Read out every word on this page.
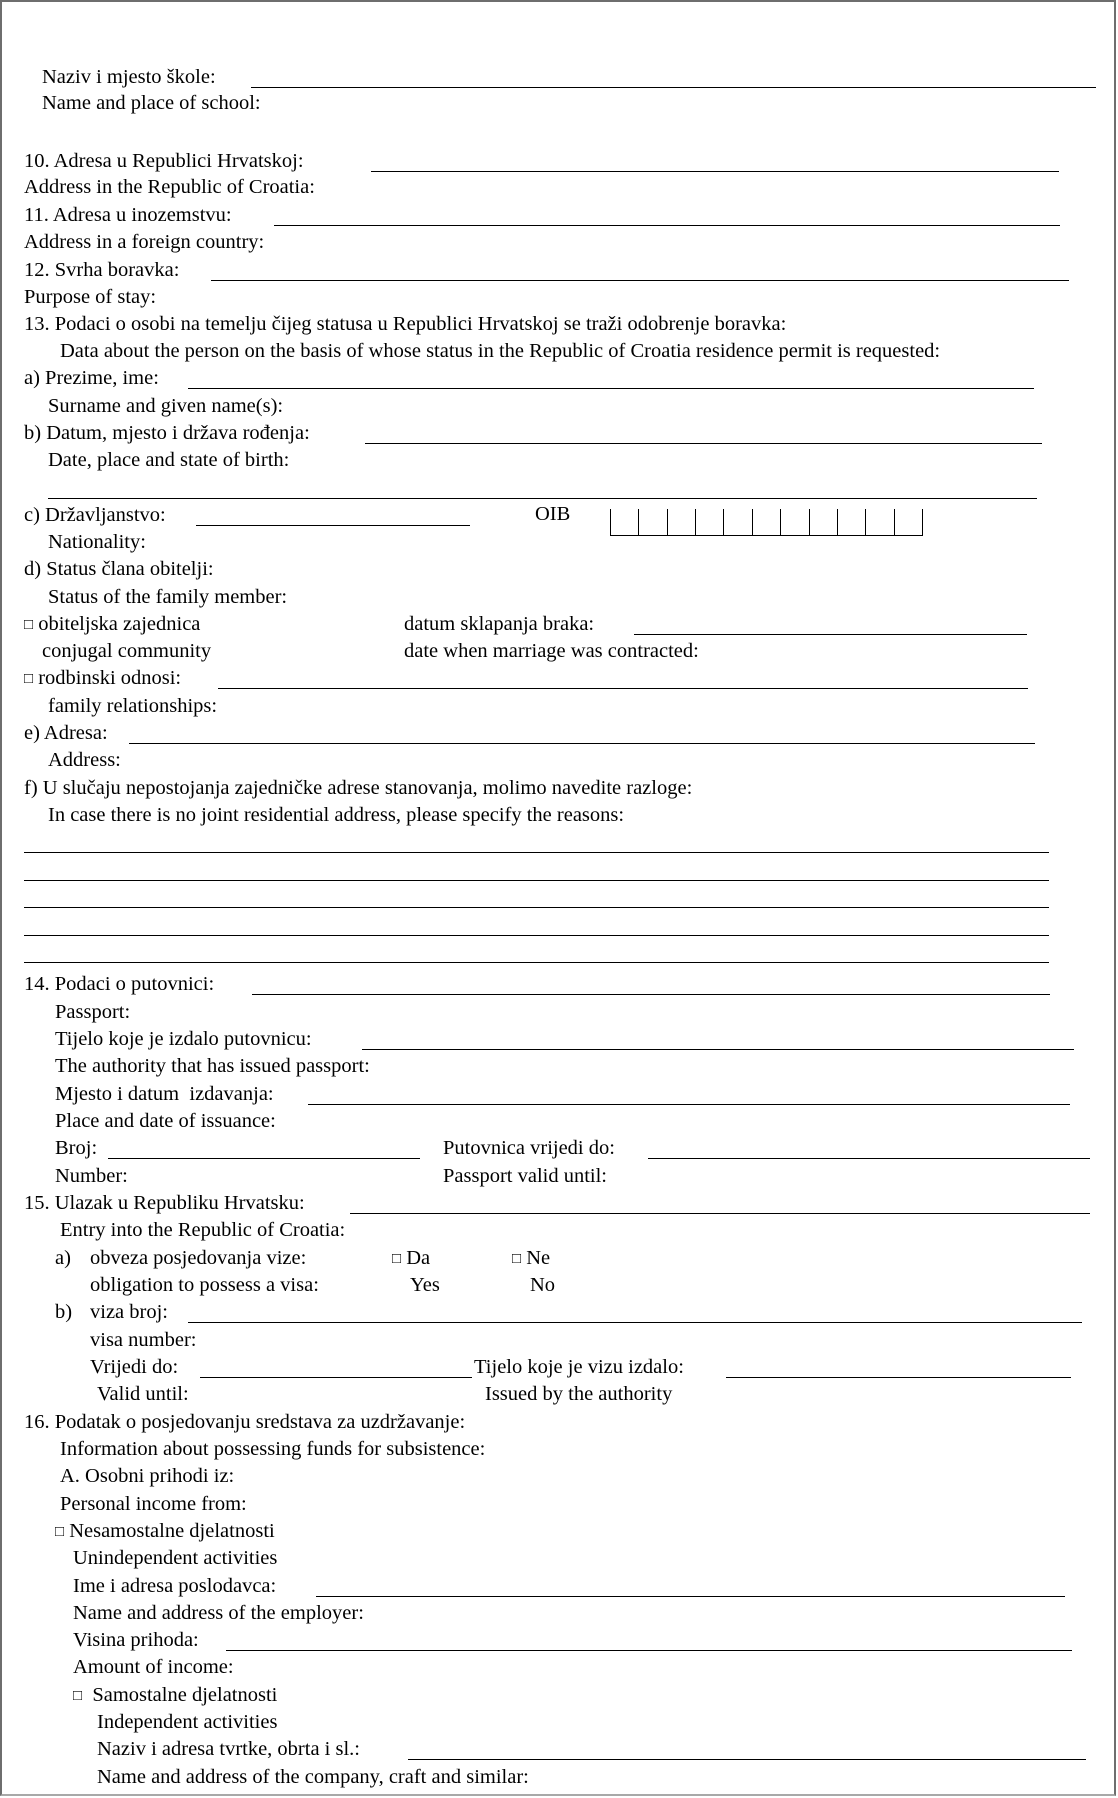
Naziv i mjesto škole:
Name and place of school:
10. Adresa u Republici Hrvatskoj:
Address in the Republic of Croatia:
11. Adresa u inozemstvu:
Address in a foreign country:
12. Svrha boravka:
Purpose of stay:
13. Podaci o osobi na temelju čijeg statusa u Republici Hrvatskoj se traži odobrenje boravka:
Data about the person on the basis of whose status in the Republic of Croatia residence permit is requested:
a) Prezime, ime:
Surname and given name(s):
b) Datum, mjesto i država rođenja:
Date, place and state of birth:
c) Državljanstvo:	OIB
Nationality:
d) Status člana obitelji:
Status of the family member:
□ obiteljska zajednica	datum sklapanja braka:
conjugal community	date when marriage was contracted:
□ rodbinski odnosi:
family relationships:
e) Adresa:
Address:
f) U slučaju nepostojanja zajedničke adrese stanovanja, molimo navedite razloge:
In case there is no joint residential address, please specify the reasons:
14. Podaci o putovnici:
Passport:
Tijelo koje je izdalo putovnicu:
The authority that has issued passport:
Mjesto i datum  izdavanja:
Place and date of issuance:
Broj:	Putovnica vrijedi do:
Number:	Passport valid until:
15. Ulazak u Republiku Hrvatsku:
Entry into the Republic of Croatia:
a) obveza posjedovanja vize:	□ Da	□ Ne
obligation to possess a visa:	Yes	No
b) viza broj:
visa number:
Vrijedi do:	Tijelo koje je vizu izdalo:
Valid until:	Issued by the authority
16. Podatak o posjedovanju sredstava za uzdržavanje:
Information about possessing funds for subsistence:
A. Osobni prihodi iz:
Personal income from:
□ Nesamostalne djelatnosti
Unindependent activities
Ime i adresa poslodavca:
Name and address of the employer:
Visina prihoda:
Amount of income:
□ Samostalne djelatnosti
Independent activities
Naziv i adresa tvrtke, obrta i sl.:
Name and address of the company, craft and similar:
